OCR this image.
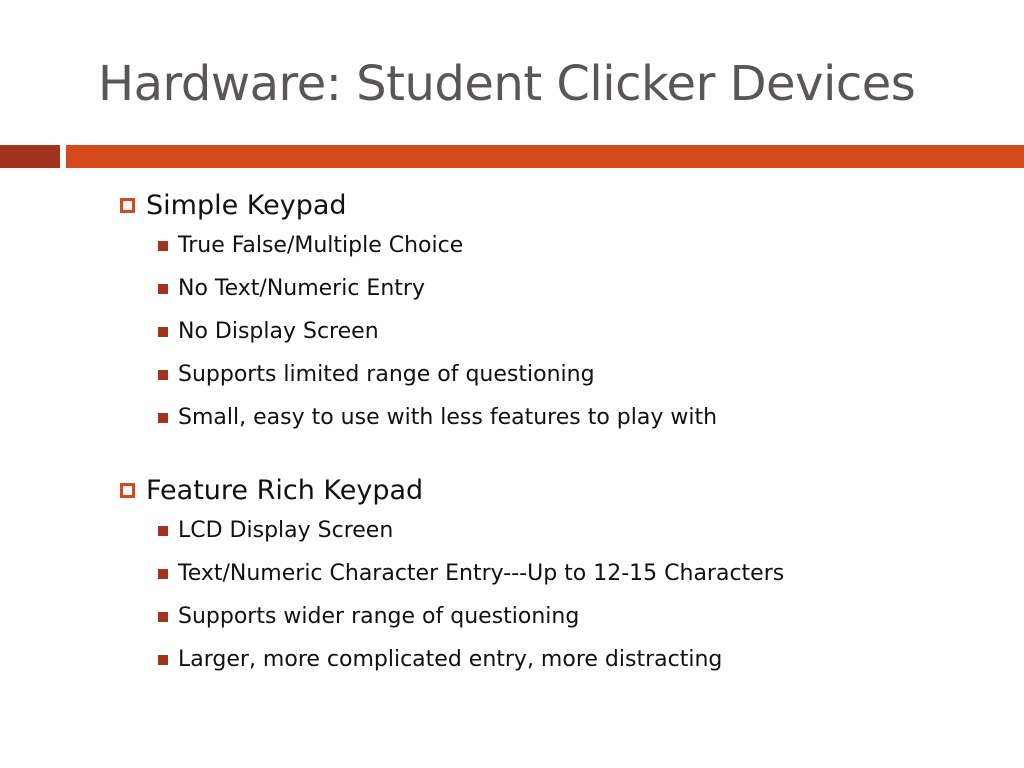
Hardware: Student Clicker Devices
Simple Keypad
True False/Multiple Choice
No Text/Numeric Entry
No Display Screen
Supports limited range of questioning
Small, easy to use with less features to play with
Feature Rich Keypad
LCD Display Screen
Text/Numeric Character Entry---Up to 12-15 Characters
Supports wider range of questioning
Larger, more complicated entry, more distracting
